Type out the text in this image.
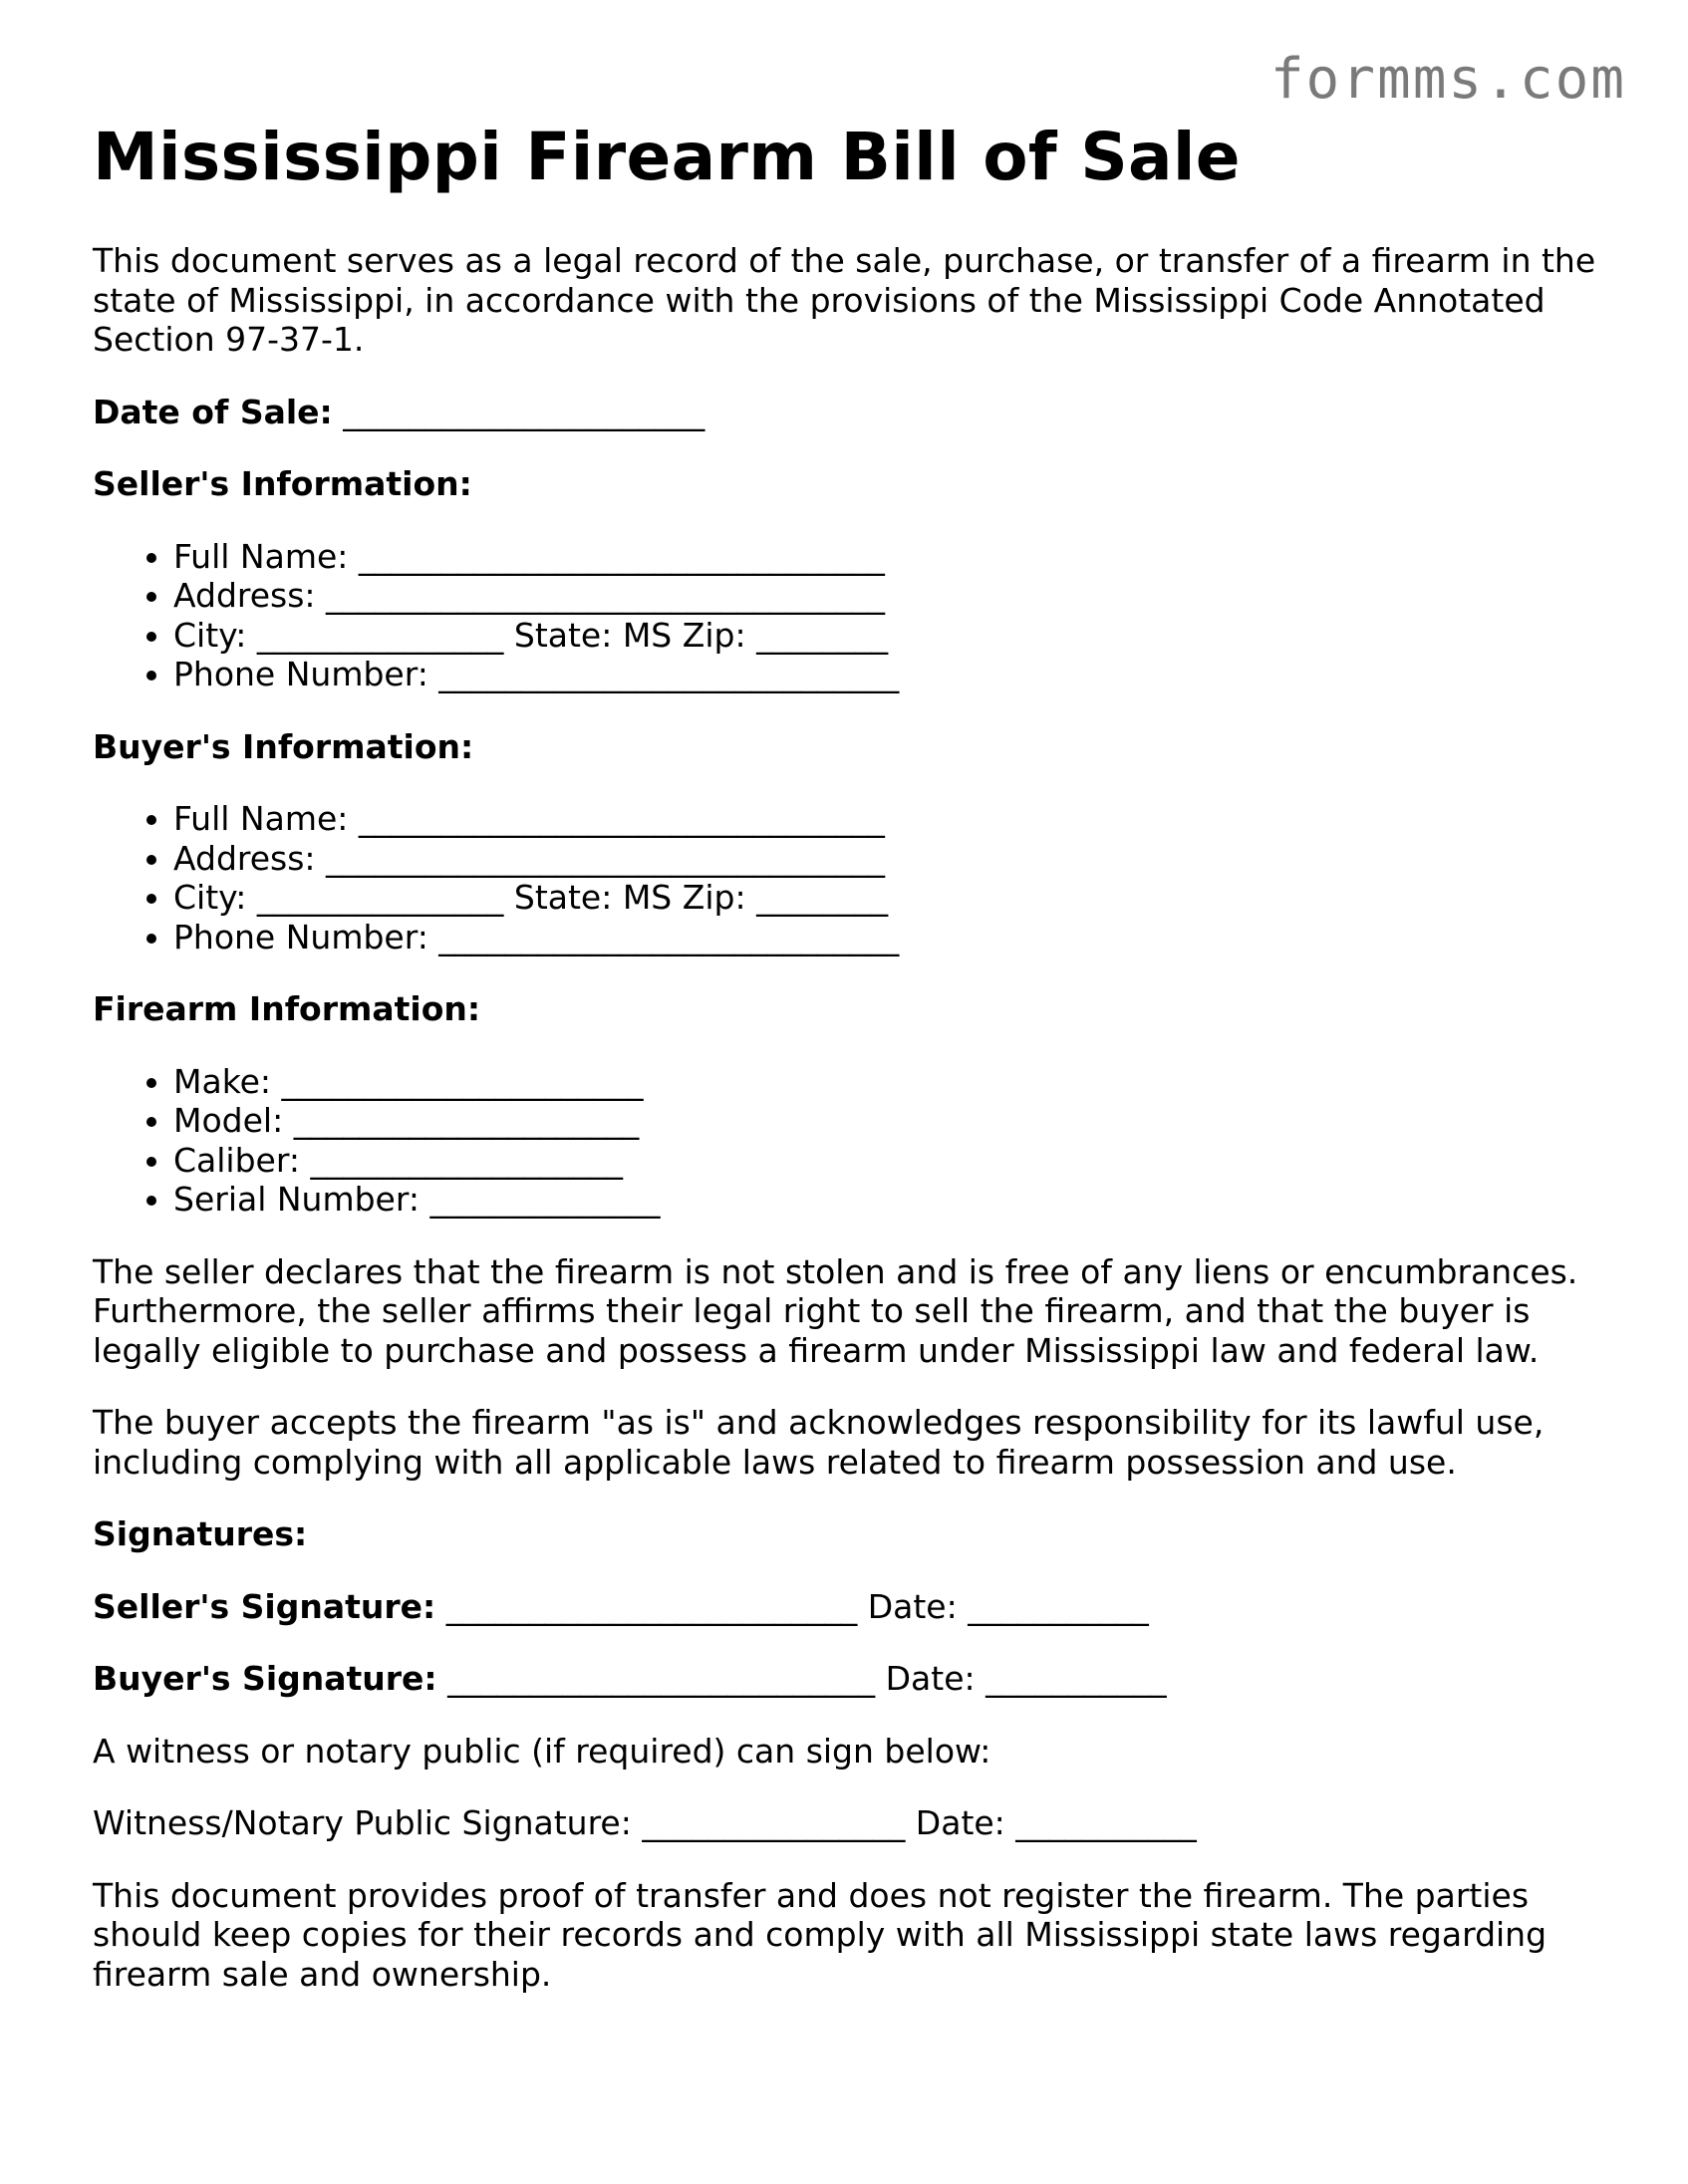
formms.com
Mississippi Firearm Bill of Sale

This document serves as a legal record of the sale, purchase, or transfer of a firearm in the state of Mississippi, in accordance with the provisions of the Mississippi Code Annotated Section 97-37-1.

Date of Sale: ______________________

Seller's Information:

• Full Name: ________________________________
• Address: __________________________________
• City: _______________ State: MS Zip: ________
• Phone Number: ____________________________

Buyer's Information:

• Full Name: ________________________________
• Address: __________________________________
• City: _______________ State: MS Zip: ________
• Phone Number: ____________________________

Firearm Information:

• Make: ______________________
• Model: _____________________
• Caliber: ___________________
• Serial Number: ______________

The seller declares that the firearm is not stolen and is free of any liens or encumbrances. Furthermore, the seller affirms their legal right to sell the firearm, and that the buyer is legally eligible to purchase and possess a firearm under Mississippi law and federal law.

The buyer accepts the firearm "as is" and acknowledges responsibility for its lawful use, including complying with all applicable laws related to firearm possession and use.

Signatures:

Seller's Signature: _________________________ Date: ___________

Buyer's Signature: __________________________ Date: ___________

A witness or notary public (if required) can sign below:

Witness/Notary Public Signature: ________________ Date: ___________

This document provides proof of transfer and does not register the firearm. The parties should keep copies for their records and comply with all Mississippi state laws regarding firearm sale and ownership.
